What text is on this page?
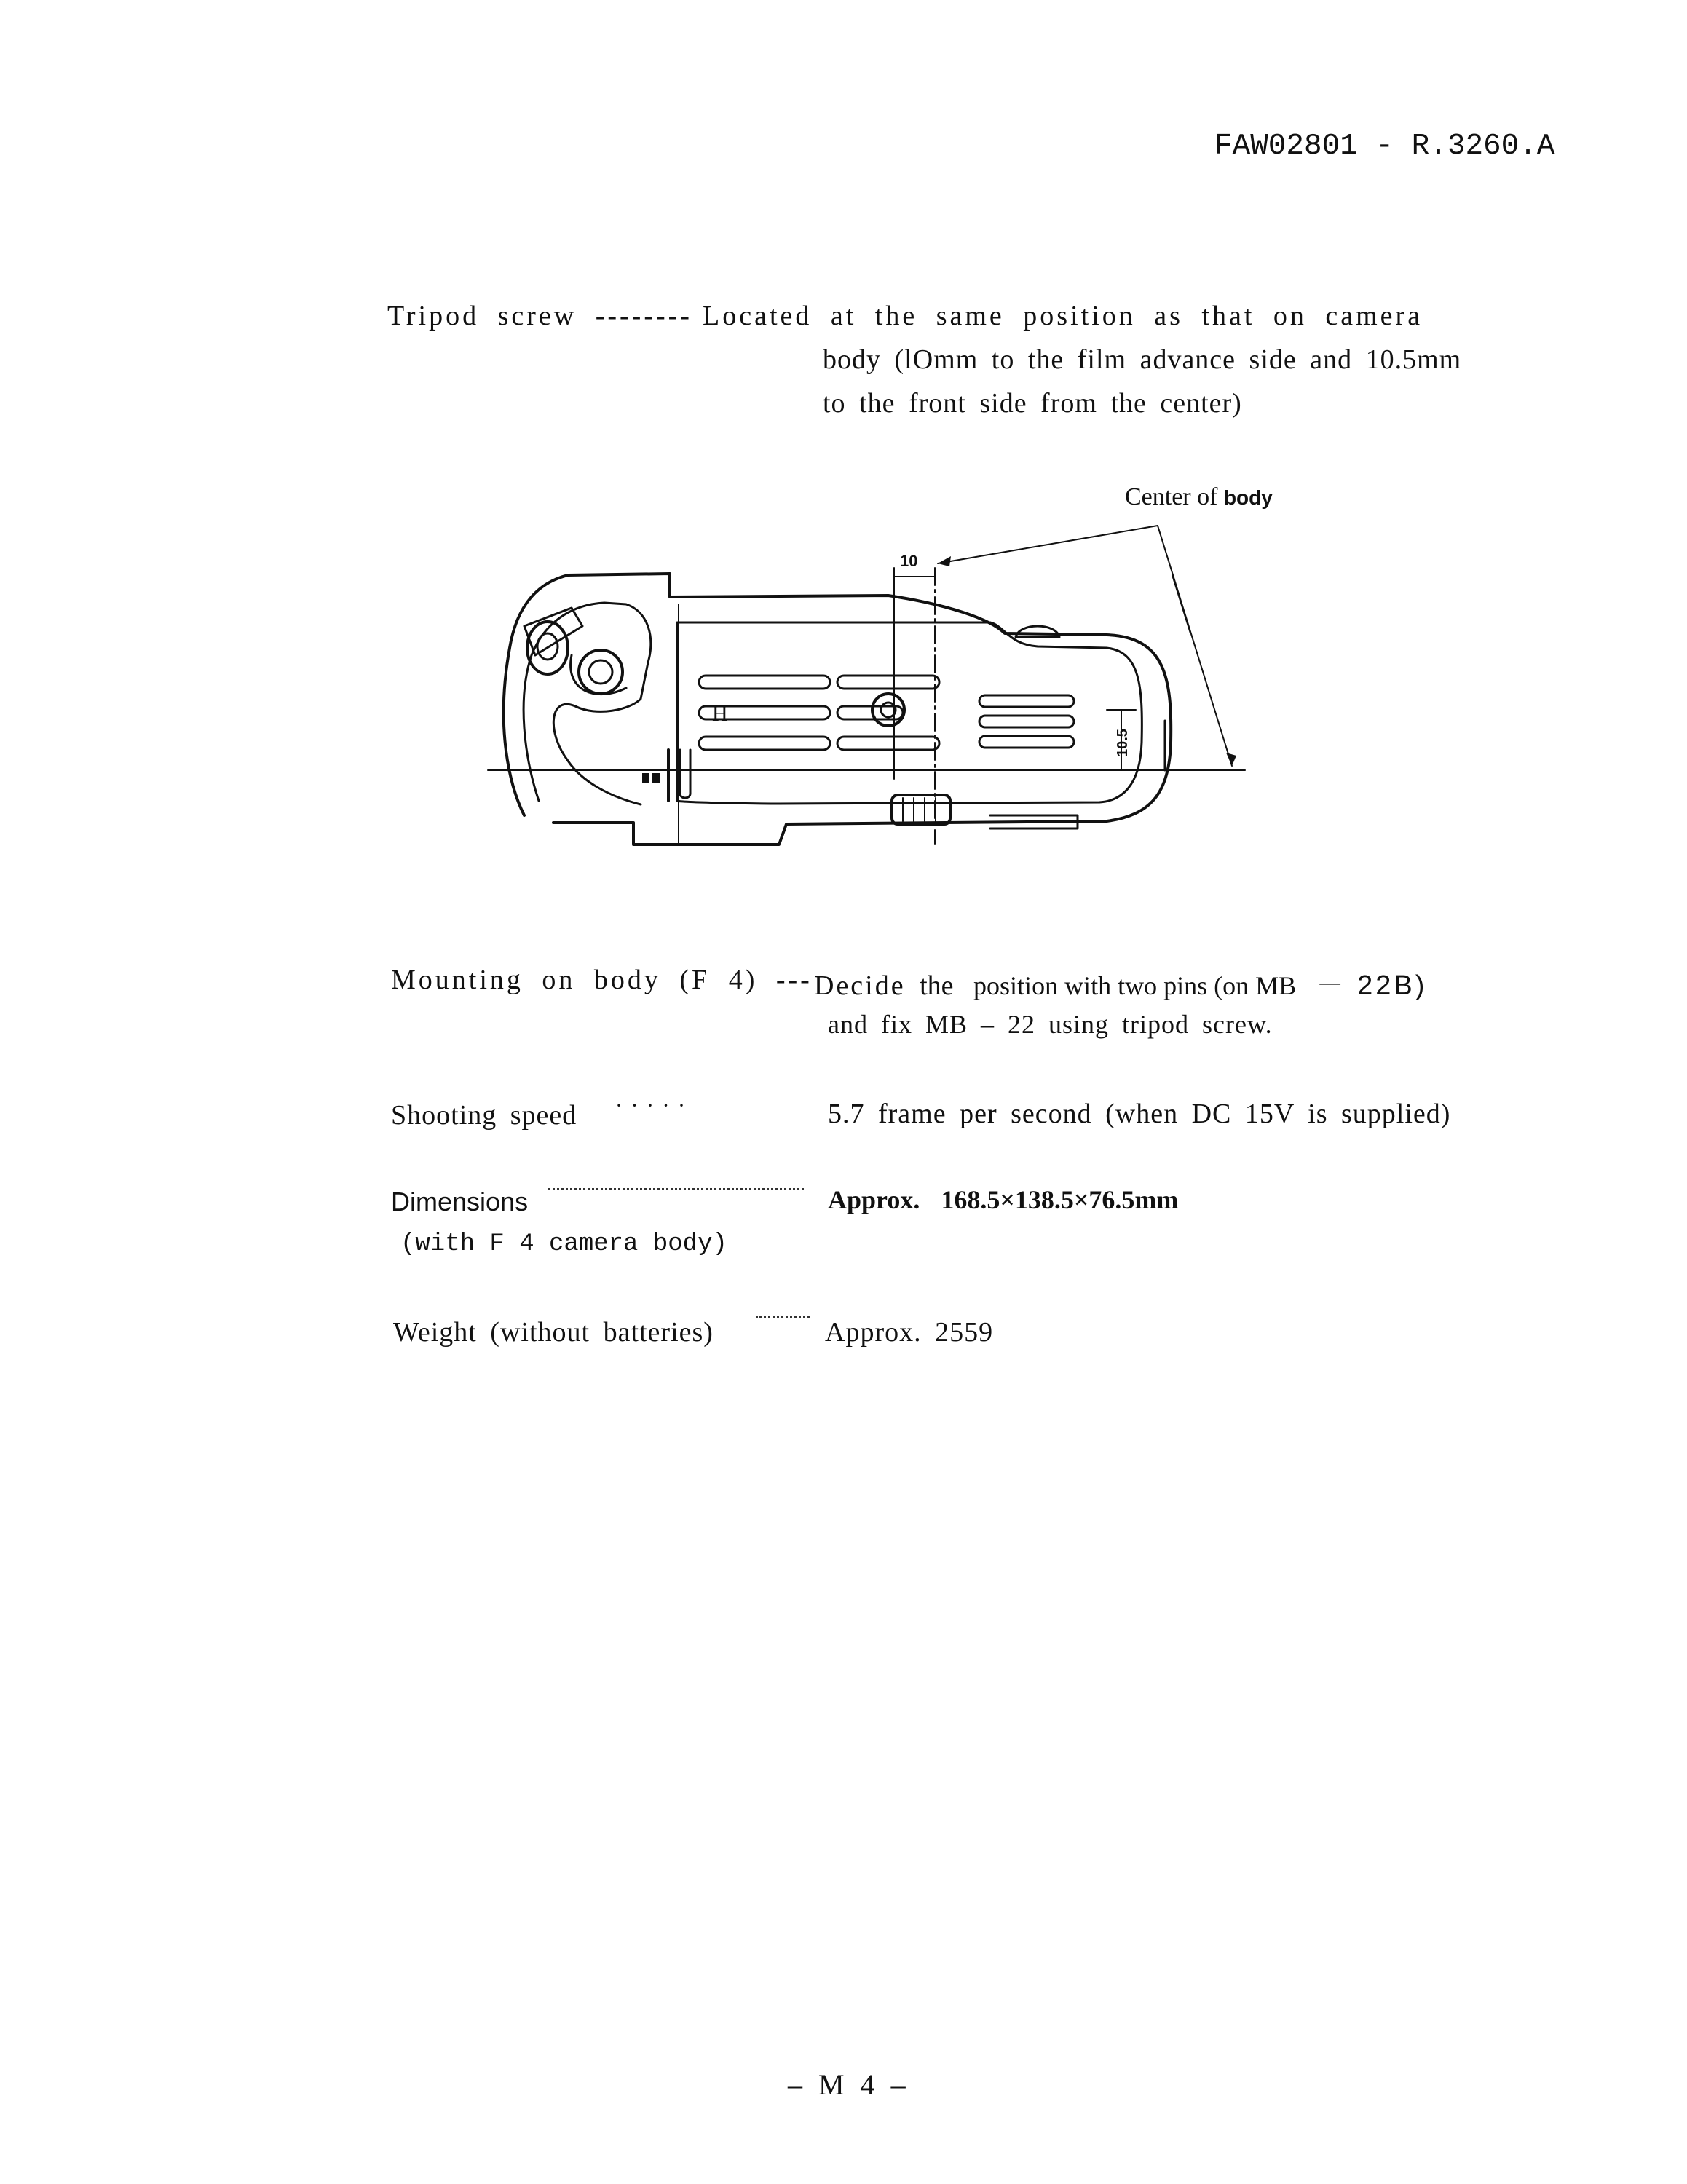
FAW02801 - R.3260.A
Tripod screw -------- Located at the same position as that on camera
body (lOmm to the film advance side and 10.5mm
to the front side from the center)
Center of body
10
10.5
H
Mounting on body (F 4) --- Decide the position with two pins (on MB － 22B)
and fix MB – 22 using tripod screw.
Shooting speed · · · · ·	5.7 frame per second (when DC 15V is supplied)
Dimensions
(with F 4 camera body)
Approx. 168.5×138.5×76.5mm
Weight (without batteries)	Approx. 2559
– M 4 –
